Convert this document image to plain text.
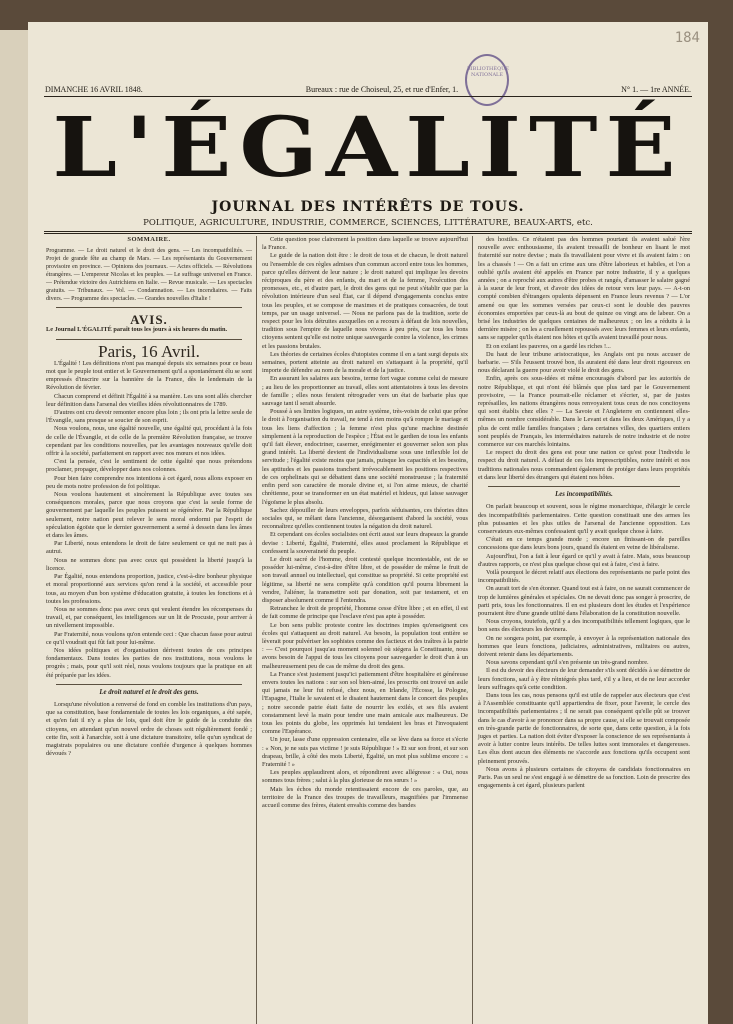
184
BIBLIOTHÈQUE NATIONALE
DIMANCHE 16 AVRIL 1848.	Bureaux : rue de Choiseul, 25, et rue d'Enfer, 1.	N° 1. — 1re ANNÉE.
L'ÉGALITÉ
JOURNAL DES INTÉRÊTS DE TOUS.
POLITIQUE, AGRICULTURE, INDUSTRIE, COMMERCE, SCIENCES, LITTÉRATURE, BEAUX-ARTS, etc.
SOMMAIRE.
Programme. — Le droit naturel et le droit des gens. — Les incompatibilités. — Projet de grande fête au champ de Mars. — Les représentants du Gouvernement provisoire en province. — Opinions des journaux. — Actes officiels. — Révolutions étrangères. — L'empereur Nicolas et les peuples. — Le suffrage universel en France. — Prétendue victoire des Autrichiens en Italie. — Revue musicale. — Les spectacles gratuits. — Tribunaux. — Vol. — Condamnation. — Les incendiaires. — Faits divers. — Programme des spectacles. — Grandes nouvelles d'Italie !
AVIS.
Le Journal L'ÉGALITÉ paraît tous les jours à six heures du matin.
Paris, 16 Avril.

L'Égalité ! Les définitions n'ont pas manqué depuis six semaines pour ce beau mot que le peuple tout entier et le Gouvernement qu'il a spontanément élu se sont empressés d'inscrire sur la bannière de la France, dès le lendemain de la Révolution de février.

Chacun comprend et définit l'Égalité à sa manière. Les uns sont allés chercher leur définition dans l'arsenal des vieilles idées révolutionnaires de 1789.

D'autres ont cru devoir remonter encore plus loin ; ils ont pris la lettre seule de l'Évangile, sans presque se soucier de son esprit.

Nous voulons, nous, une égalité nouvelle, une égalité qui, procédant à la fois de celle de l'Évangile, et de celle de la première Révolution française, se trouve cependant par les conditions nouvelles, par les avantages nouveaux qu'elle doit offrir à la société, parfaitement en rapport avec nos mœurs et nos idées.

C'est la pensée, c'est le sentiment de cette égalité que nous prétendons proclamer, propager, développer dans nos colonnes.

Pour bien faire comprendre nos intentions à cet égard, nous allons exposer en peu de mots notre profession de foi politique.

Nous voulons hautement et sincèrement la République avec toutes ses conséquences morales, parce que nous croyons que c'est la seule forme de gouvernement par laquelle les peuples puissent se régénérer. Par la République seulement, notre nation peut relever le sens moral endormi par l'esprit de spéculation égoïste que le dernier gouvernement a semé à dessein dans les âmes et dans les âmes.

Par Liberté, nous entendons le droit de faire seulement ce qui ne nuit pas à autrui.

Nous ne sommes donc pas avec ceux qui possèdent la liberté jusqu'à la licence.

Par Égalité, nous entendons proportion, justice, c'est-à-dire bonheur physique et moral proportionné aux services qu'on rend à la société, et accessible pour tous, au moyen d'un bon système d'éducation gratuite, à toutes les fonctions et à toutes les professions.

Nous ne sommes donc pas avec ceux qui veulent étendre les récompenses du travail, et, par conséquent, les intelligences sur un lit de Procuste, pour arriver à un nivellement impossible.

Par Fraternité, nous voulons qu'on entende ceci : Que chacun fasse pour autrui ce qu'il voudrait qui fût fait pour lui-même.

Nos idées politiques et d'organisation dérivent toutes de ces principes fondamentaux. Dans toutes les parties de nos institutions, nous voulons le progrès ; mais, pour qu'il soit réel, nous voulons toujours que la pratique en ait été préparée par les idées.

Le droit naturel et le droit des gens.

Lorsqu'une révolution a renversé de fond en comble les institutions d'un pays, que sa constitution, base fondamentale de toutes les lois organiques, a été sapée, et qu'en fait il n'y a plus de lois, quel doit être le guide de la conduite des citoyens, en attendant qu'un nouvel ordre de choses soit régulièrement fondé ; cette fin, soit à l'anarchie, soit à une dictature transitoire, telle qu'un syndicat de magistrats populaires ou une dictature confiée d'urgence à quelques hommes dévoués ?

Cette question pose clairement la position dans laquelle se trouve aujourd'hui la France.

Le guide de la nation doit être : le droit de tous et de chacun, le droit naturel ou l'ensemble de ces règles admises d'un commun accord entre tous les hommes, parce qu'elles dérivent de leur nature ; le droit naturel qui implique les devoirs réciproques du père et des enfants, du mari et de la femme, l'exécution des promesses, etc., et d'autre part, le droit des gens qui ne peut s'établir que par la révolution intérieure d'un seul État, car il dépend d'engagements conclus entre tous les peuples, et se compose de maximes et de pratiques consacrées, de tout temps, par un usage universel. — Nous ne parlons pas de la tradition, sorte de respect pour les lois détruites auxquelles on a recours à défaut de lois nouvelles, tradition sous l'empire de laquelle nous vivons à peu près, car tous les bons citoyens sentent qu'elle est notre unique sauvegarde contre la violence, les crimes et les passions brutales.

Les théories de certaines écoles d'utopistes comme il en a tant surgi depuis six semaines, portent atteinte au droit naturel en s'attaquant à la propriété, qu'il importe de défendre au nom de la morale et de la justice.

En assurant les salaires aux besoins, terme fort vague comme celui de mesure ; au lieu de les proportionner au travail, elles sont attentatoires à tous les devoirs de famille ; elles nous feraient rétrograder vers un état de barbarie plus que sauvage tant il serait absurde.

Poussé à ses limites logiques, un autre système, très-voisin de celui que prône le droit à l'organisation du travail, ne tend à rien moins qu'à rompre le mariage et tous les liens d'affection ; la femme n'est plus qu'une machine destinée simplement à la reproduction de l'espèce ; l'État est le gardien de tous les enfants qu'il fait élever, endoctriner, caserner, enrégimenter et gouverner selon son plus grand intérêt. La liberté devient de l'individualisme sous une inflexible loi de servitude ; l'égalité existe moins que jamais, puisque les capacités et les besoins, les aptitudes et les passions tranchent irrévocablement les positions respectives de ces orphelinats qui se débattent dans une société monstrueuse ; la fraternité enfin perd son caractère de morale divine et, si l'on aime mieux, de charité chrétienne, pour se transformer en un état matériel et hideux, qui laisse sauvager l'égoïsme le plus absolu.

Sachez dépouiller de leurs enveloppes, parfois séduisantes, ces théories dites sociales qui, se mêlant dans l'ancienne, désorganisent d'abord la société, vous reconnaîtrez qu'elles contiennent toutes la négation du droit naturel.

Et cependant ces écoles socialistes ont écrit aussi sur leurs drapeaux la grande devise : Liberté, Égalité, Fraternité, elles aussi proclament la République et confessent la souveraineté du peuple.

Le droit sacré de l'homme, droit contesté quelque incontestable, est de se posséder lui-même, c'est-à-dire d'être libre, et de posséder de même le fruit de son travail annuel ou intellectuel, qui constitue sa propriété. Si cette propriété est légitime, sa liberté ne sera complète qu'à condition qu'il pourra librement la vendre, l'aliéner, la transmettre soit par donation, soit par testament, et en disposer absolument comme il l'entendra.

Retranchez le droit de propriété, l'homme cesse d'être libre ; et en effet, il est de fait comme de principe que l'esclave n'est pas apte à posséder.

Le bon sens public proteste contre les doctrines impies qu'enseignent ces écoles qui s'attaquent au droit naturel. Au besoin, la population tout entière se lèverait pour pulvériser les sophistes comme des factieux et des traîtres à la patrie : — C'est pourquoi jusqu'au moment solennel où siégera la Constituante, nous avons besoin de l'appui de tous les citoyens pour sauvegarder le droit d'un à un malheureusement peu de cas de même du droit des gens.

La France s'est justement jusqu'ici patiemment d'être hospitalière et généreuse envers toutes les nations : sur son sol bien-aimé, les proscrits ont trouvé un asile qui jamais ne leur fut refusé, chez nous, en Irlande, l'Écosse, la Pologne, l'Espagne, l'Italie le savaient et le disaient hautement dans le concert des peuples ; notre seconde patrie était faite de nourrir les exilés, et ses fils avaient constamment levé la main pour tendre une main amicale aux malheureux. De tous les points du globe, les opprimés lui tendaient les bras et l'invoquaient comme l'Espérance.

Un jour, lasse d'une oppression centenaire, elle se lève dans sa force et s'écrie : « Non, je ne suis pas victime ! je suis République ! » Et sur son front, et sur son drapeau, brille, à côté des mots Liberté, Égalité, un mot plus sublime encore : « Fraternité ! »

Les peuples applaudirent alors, et répondirent avec allégresse : « Oui, nous sommes tous frères ; salut à la plus glorieuse de nos sœurs ! »

Mais les échos du monde retentissaient encore de ces paroles, que, au territoire de la France des troupes de travailleurs, magnifiées par l'immense accueil comme des frères, étaient envahis comme des bandes

des hostiles. Ce n'étaient pas des hommes pourtant ils avaient salué l'ère nouvelle avec enthousiasme, ils avaient tressailli de bonheur en lisant le mot fraternité sur notre devise ; mais ils travaillaient pour vivre et ils avaient faim : on les a chassés ! — On a fait un crime aux uns d'être laborieux et habiles, et l'on a oublié qu'ils avaient été appelés en France par notre industrie, il y a quelques années ; on a reproché aux autres d'être probes et rangés, d'amasser le salaire gagné à la sueur de leur front, et d'avoir des idées de retour vers leur pays. — A-t-on compté combien d'étrangers opulents dépensent en France leurs revenus ? — L'or amené ou que les sommes versées par ceux-ci sont le double des pauvres économies emportées par ceux-là au bout de quinze ou vingt ans de labeur. On a brisé les industries de quelques centaines de malheureux ; on les a réduits à la dernière misère ; on les a cruellement repoussés avec leurs femmes et leurs enfants, sans se rappeler qu'ils étaient nos hôtes et qu'ils avaient travaillé pour nous.

Et on exilant les pauvres, on a gardé les riches !...

Du haut de leur tribune aristocratique, les Anglais ont pu nous accuser de barbarie. — S'ils l'eussent trouvé bon, ils auraient été dans leur droit rigoureux en nous déclarant la guerre pour avoir violé le droit des gens.

Enfin, après ces sous-idées et même encouragés d'abord par les autorités de notre République, et qui n'ont été blâmés que plus tard par le Gouvernement provisoire, — la France pourrait-elle réclamer et s'écrier, si, par de justes représailles, les nations étrangères nous renvoyaient tous ceux de nos concitoyens qui sont établis chez elles ? — La Savoie et l'Angleterre en contiennent elles-mêmes un nombre considérable. Dans le Levant et dans les deux Amériques, il y a plus de cent mille familles françaises ; dans certaines villes, des quartiers entiers sont peuplés de Français, les intermédiaires naturels de notre industrie et de notre commerce sur ces marchés lointains.

Le respect du droit des gens est pour une nation ce qu'est pour l'individu le respect du droit naturel. A défaut de ces lois imprescriptibles, notre intérêt et nos traditions nationales nous commandent également de protéger dans leurs propriétés et dans leur liberté des étrangers qui étaient nos hôtes.

Les incompatibilités.

On parlait beaucoup et souvent, sous le régime monarchique, d'élargir le cercle des incompatibilités parlementaires. Cette question constituait une des armes les plus puissantes et les plus utiles de l'arsenal de l'ancienne opposition. Les conservateurs eux-mêmes confessaient qu'il y avait quelque chose à faire.

C'était en ce temps grande mode ; encore un finissant-on de pareilles concessions que dans leurs bons jours, quand ils étaient en veine de libéralisme.

Aujourd'hui, l'on a fait à leur égard ce qu'il y avait à faire. Mais, sous beaucoup d'autres rapports, ce n'est plus quelque chose qui est à faire, c'est à faire.

Voilà pourquoi le décret relatif aux élections des représentants ne parle point des incompatibilités.

On aurait tort de s'en étonner. Quand tout est à faire, on ne saurait commencer de trop de lumières générales et spéciales. On ne devait donc pas songer à proscrire, de parti pris, tous les fonctionnaires. Il en est plusieurs dont les études et l'expérience pourraient être d'une grande utilité dans l'élaboration de la constitution nouvelle.

Nous croyons, toutefois, qu'il y a des incompatibilités tellement logiques, que le bon sens des électeurs les devinera.

On ne songera point, par exemple, à envoyer à la représentation nationale des hommes que leurs fonctions, judiciaires, administratives, militaires ou autres, doivent retenir dans les départements.

Nous savons cependant qu'il s'en présente un très-grand nombre.

Il est du devoir des électeurs de leur demander s'ils sont décidés à se démettre de leurs fonctions, sauf à y être réintégrés plus tard, s'il y a lieu, et de ne leur accorder leurs suffrages qu'à cette condition.

Dans tous les cas, nous pensons qu'il est utile de rappeler aux électeurs que c'est à l'Assemblée constituante qu'il appartiendra de fixer, pour l'avenir, le cercle des incompatibilités parlementaires ; il ne serait pas conséquent qu'elle pût se trouver dans le cas d'avoir à se prononcer dans sa propre cause, si elle se trouvait composée en très-grande partie de fonctionnaires, de sorte que, dans cette question, à la fois juges et parties. La nation doit éviter d'exposer la conscience de ses représentants à avoir à lutter contre leurs intérêts. De telles luttes sont immorales et dangereuses. Les élus dont aucun des éléments ne s'accorde aux fonctions qu'ils occupent sont pleinement prouvés.

Nous avons à plusieurs certaines de citoyens de candidats fonctionnaires en Paris. Pas un seul ne s'est engagé à se démettre de sa fonction. Loin de prescrire des engagements à cet égard, plusieurs parlent
